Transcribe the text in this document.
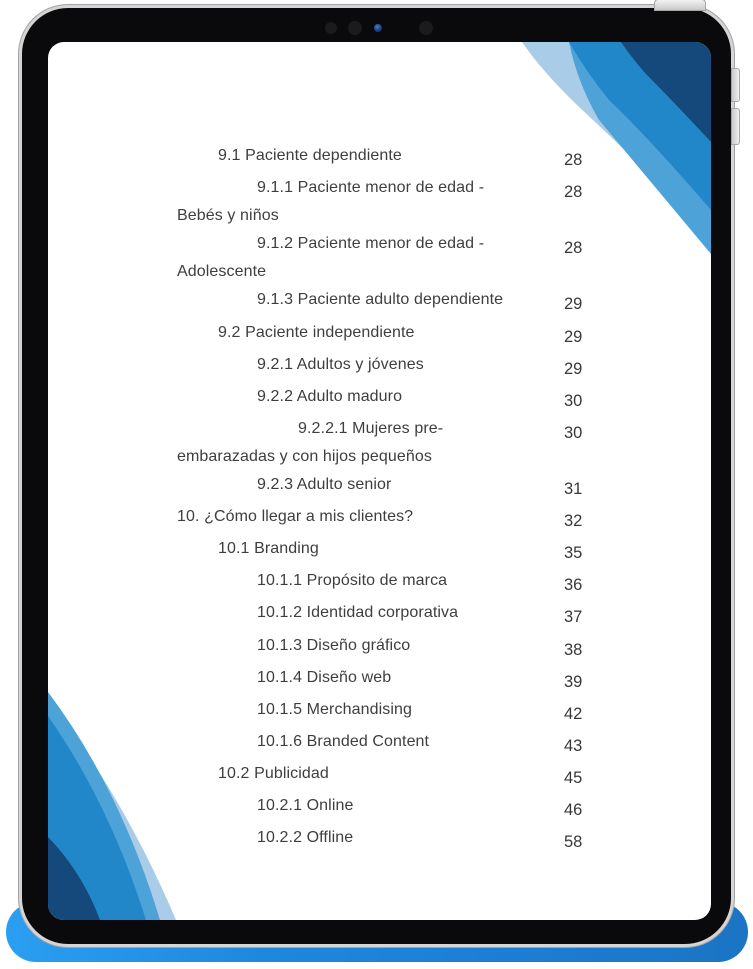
9.1 Paciente dependiente	28
9.1.1 Paciente menor de edad -
Bebés y niños
28
9.1.2 Paciente menor de edad -
Adolescente
28
9.1.3 Paciente adulto dependiente	29
9.2 Paciente independiente	29
9.2.1 Adultos y jóvenes	29
9.2.2 Adulto maduro	30
9.2.2.1 Mujeres pre-
embarazadas y con hijos pequeños
30
9.2.3 Adulto senior	31
10. ¿Cómo llegar a mis clientes?	32
10.1 Branding	35
10.1.1 Propósito de marca	36
10.1.2 Identidad corporativa	37
10.1.3 Diseño gráfico	38
10.1.4 Diseño web	39
10.1.5 Merchandising	42
10.1.6 Branded Content	43
10.2 Publicidad	45
10.2.1 Online	46
10.2.2 Offline	58
